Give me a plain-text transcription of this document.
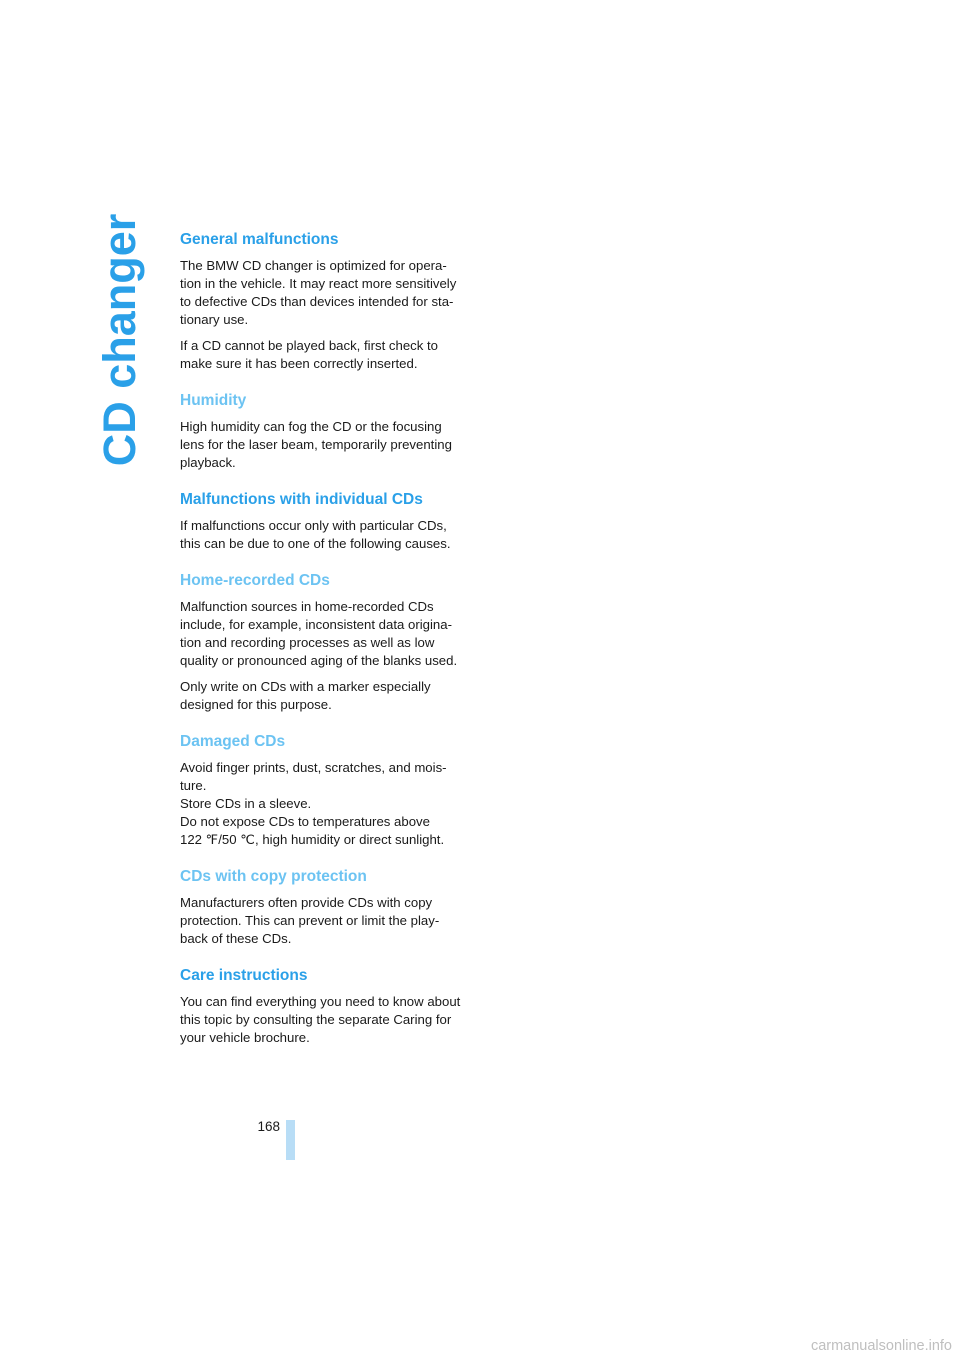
CD changer General malfunctions

The BMW CD changer is optimized for opera-
tion in the vehicle. It may react more sensitively
to defective CDs than devices intended for sta-
tionary use.

If a CD cannot be played back, first check to
make sure it has been correctly inserted.

Humidity

High humidity can fog the CD or the focusing
lens for the laser beam, temporarily preventing
playback.

Malfunctions with individual CDs

If malfunctions occur only with particular CDs,
this can be due to one of the following causes.

Home-recorded CDs

Malfunction sources in home-recorded CDs
include, for example, inconsistent data origina-
tion and recording processes as well as low
quality or pronounced aging of the blanks used.

Only write on CDs with a marker especially
designed for this purpose.

Damaged CDs

Avoid finger prints, dust, scratches, and mois-
ture.
Store CDs in a sleeve.
Do not expose CDs to temperatures above
122 ℉/50 ℃, high humidity or direct sunlight.

CDs with copy protection

Manufacturers often provide CDs with copy
protection. This can prevent or limit the play-
back of these CDs.

Care instructions

You can find everything you need to know about
this topic by consulting the separate Caring for
your vehicle brochure.

168
carmanualsonline.info
